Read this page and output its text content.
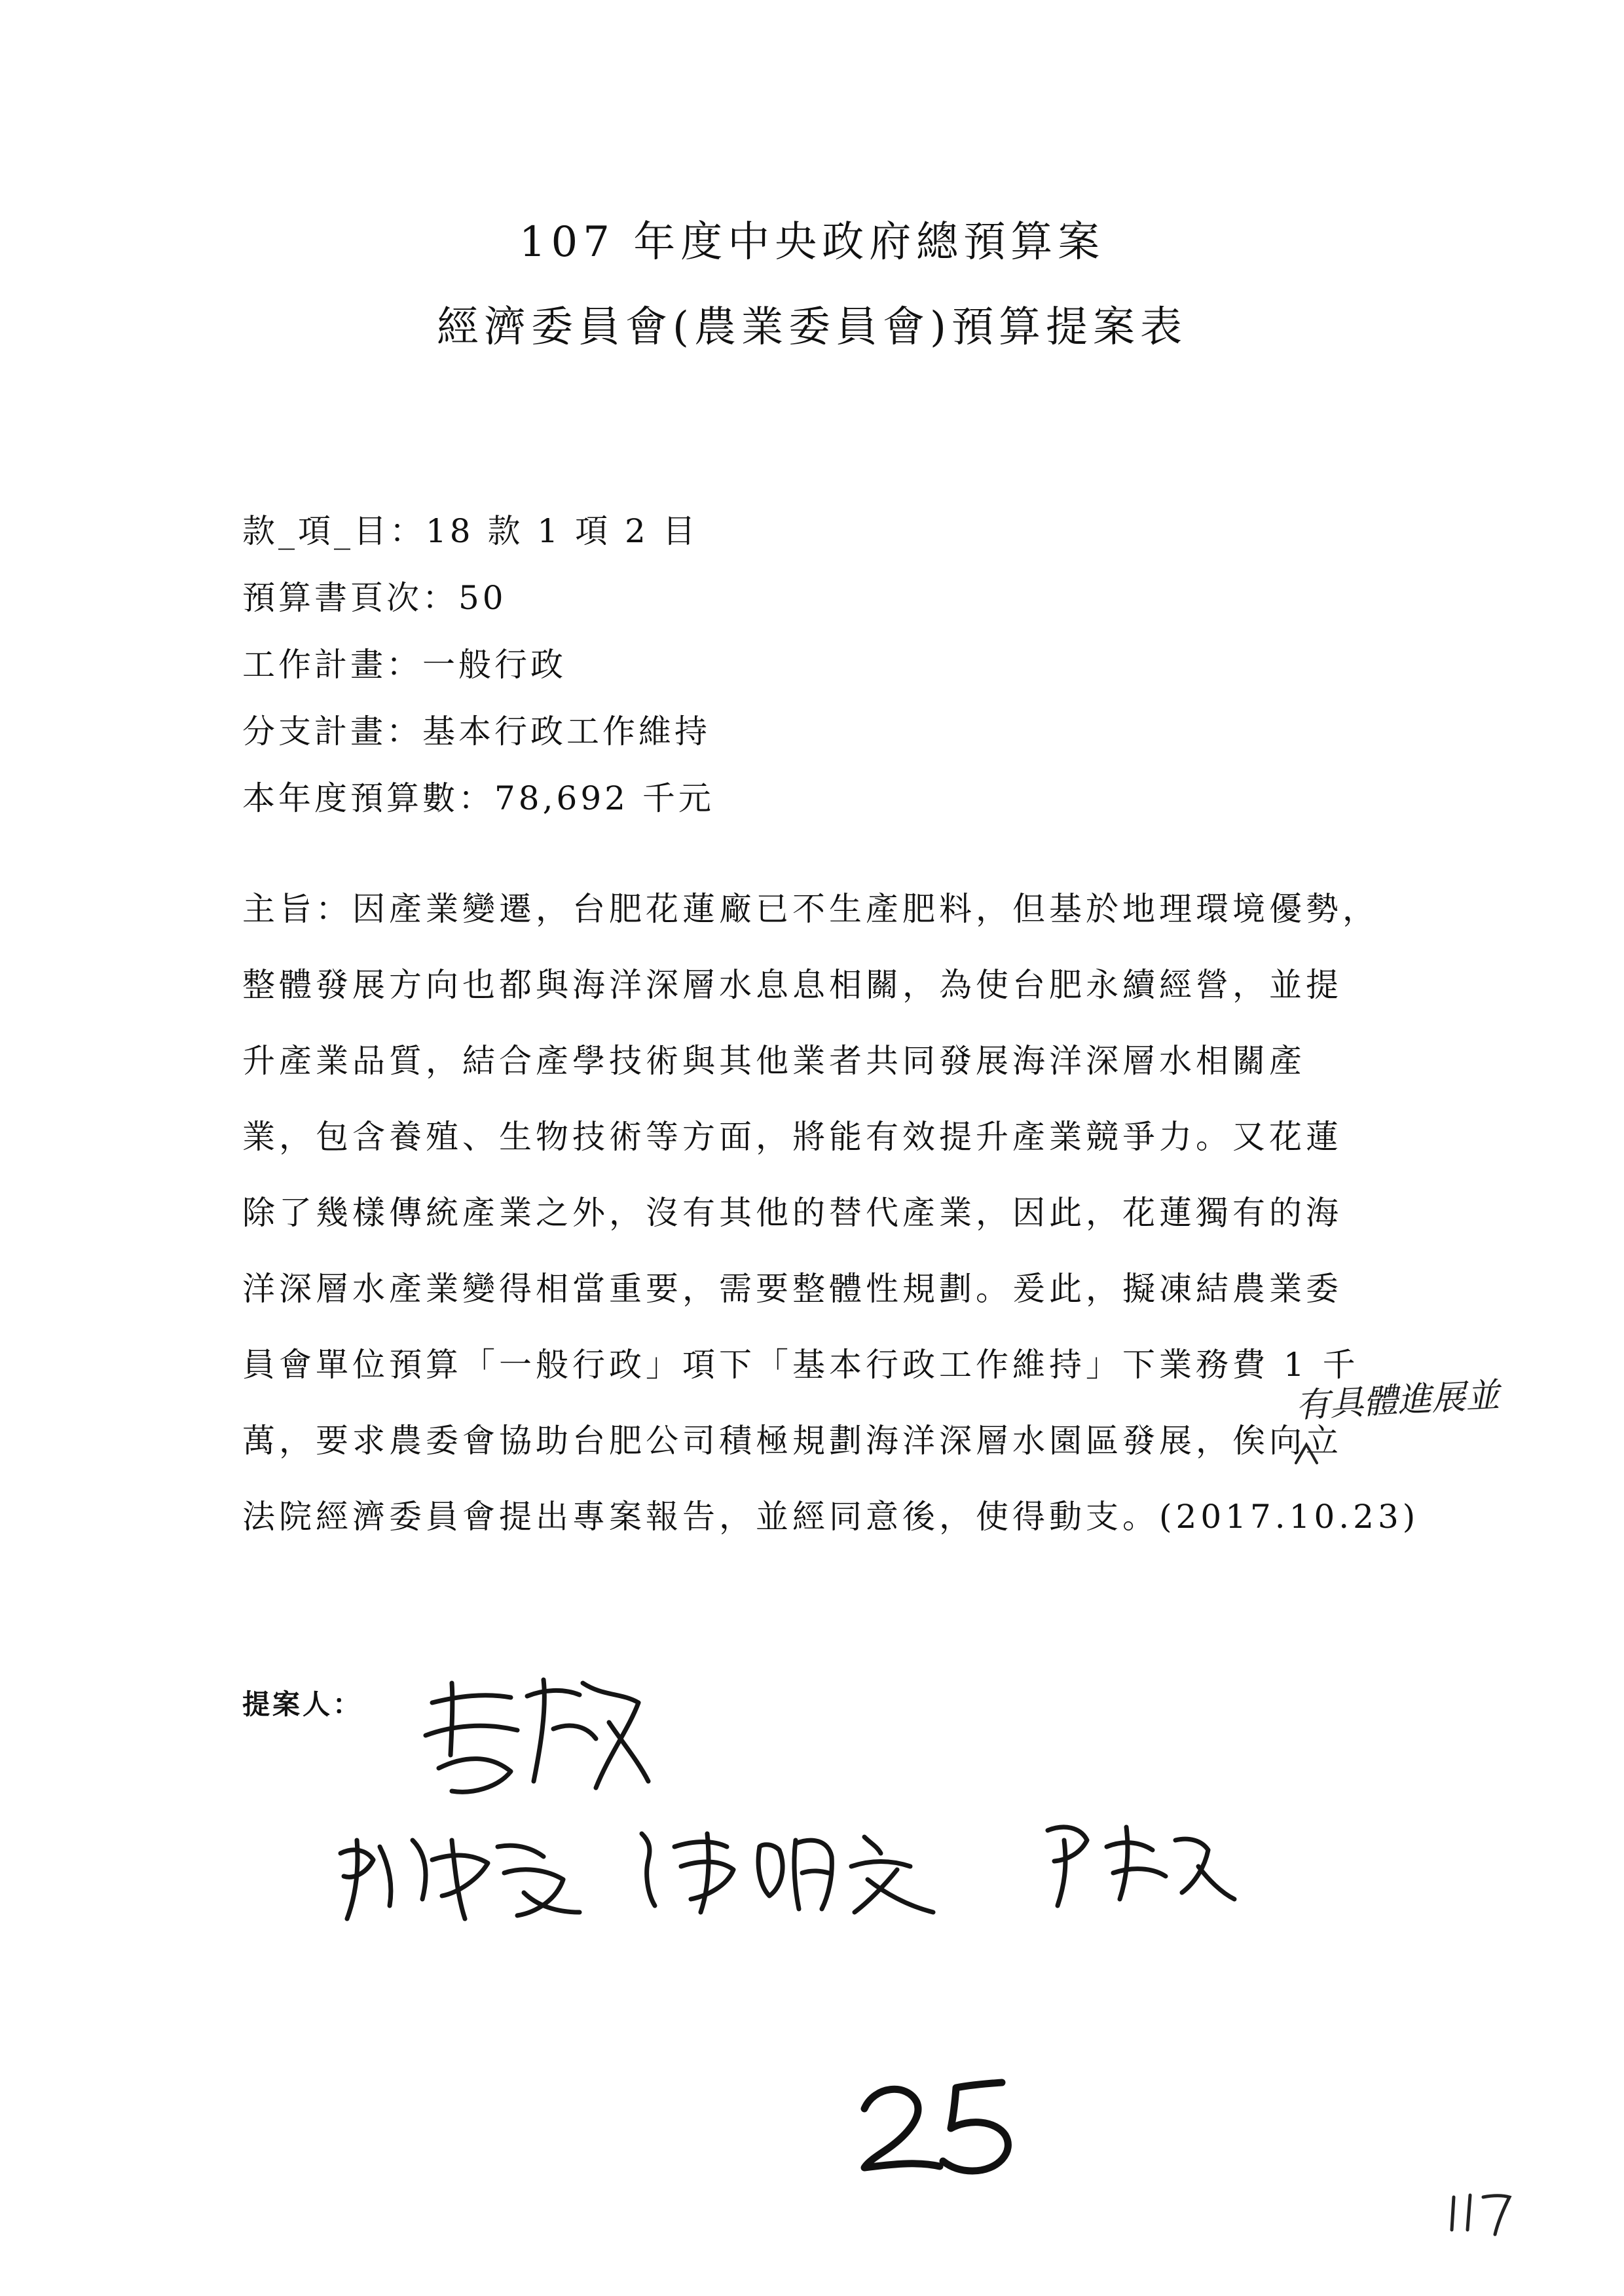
107 年度中央政府總預算案
經濟委員會(農業委員會)預算提案表
款_項_目：18 款 1 項 2 目
預算書頁次：50
工作計畫：一般行政
分支計畫：基本行政工作維持
本年度預算數：78,692 千元
主旨：因產業變遷，台肥花蓮廠已不生產肥料，但基於地理環境優勢，
整體發展方向也都與海洋深層水息息相關，為使台肥永續經營，並提
升產業品質，結合產學技術與其他業者共同發展海洋深層水相關產
業，包含養殖、生物技術等方面，將能有效提升產業競爭力。又花蓮
除了幾樣傳統產業之外，沒有其他的替代產業，因此，花蓮獨有的海
洋深層水產業變得相當重要，需要整體性規劃。爰此，擬凍結農業委
員會單位預算「一般行政」項下「基本行政工作維持」下業務費 1 千
萬，要求農委會協助台肥公司積極規劃海洋深層水園區發展，俟向立
法院經濟委員會提出專案報告，並經同意後，使得動支。(2017.10.23)
有具體進展並
提案人：
